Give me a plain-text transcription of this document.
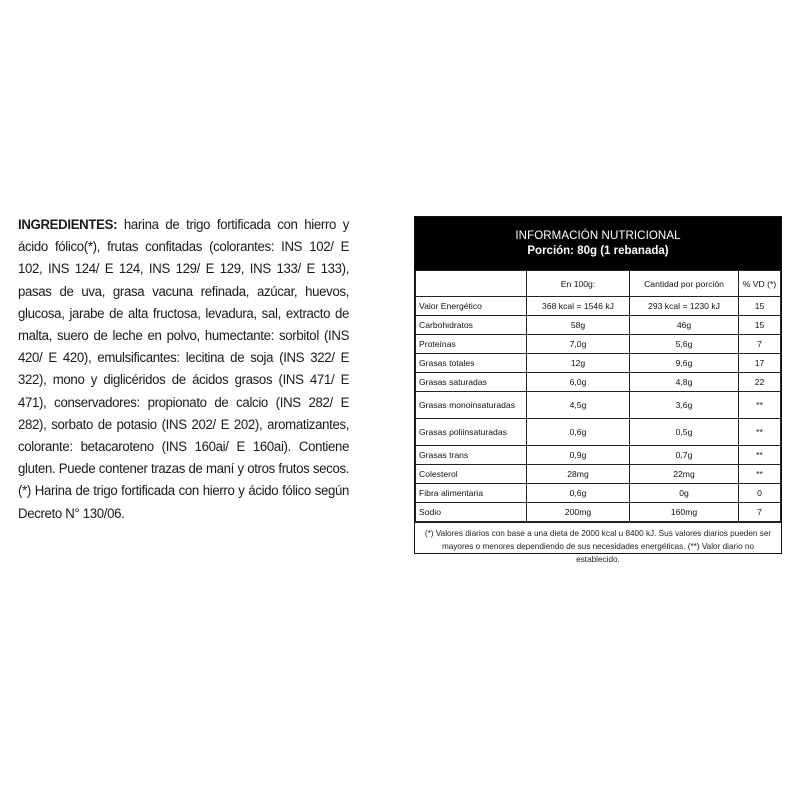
INGREDIENTES: harina de trigo fortificada con hierro y ácido fólico(*), frutas confitadas (colorantes: INS 102/ E 102, INS 124/ E 124, INS 129/ E 129, INS 133/ E 133), pasas de uva, grasa vacuna refinada, azúcar, huevos, glucosa, jarabe de alta fructosa, levadura, sal, extracto de malta, suero de leche en polvo, humectante: sorbitol (INS 420/ E 420), emulsificantes: lecitina de soja (INS 322/ E 322), mono y diglicéridos de ácidos grasos (INS 471/ E 471), conservadores: propionato de calcio (INS 282/ E 282), sorbato de potasio (INS 202/ E 202), aromatizantes, colorante: betacaroteno (INS 160ai/ E 160ai). Contiene gluten. Puede contener trazas de maní y otros frutos secos. (*) Harina de trigo fortificada con hierro y ácido fólico según Decreto N° 130/06.
INFORMACIÓN NUTRICIONAL
Porción: 80g (1 rebanada)
	En 100g:	Cantidad por porción	% VD (*)
Valor Energético	368 kcal = 1546 kJ	293 kcal = 1230 kJ	15
Carbohidratos	58g	46g	15
Proteínas	7,0g	5,6g	7
Grasas totales	12g	9,6g	17
Grasas saturadas	6,0g	4,8g	22
Grasas monoinsaturadas	4,5g	3,6g	**
Grasas poliinsaturadas	0,6g	0,5g	**
Grasas trans	0,9g	0,7g	**
Colesterol	28mg	22mg	**
Fibra alimentaria	0,6g	0g	0
Sodio	200mg	160mg	7
(*) Valores diarios con base a una dieta de 2000 kcal u 8400 kJ. Sus valores diarios pueden ser mayores o menores dependiendo de sus necesidades energéticas. (**) Valor diario no establecido.
